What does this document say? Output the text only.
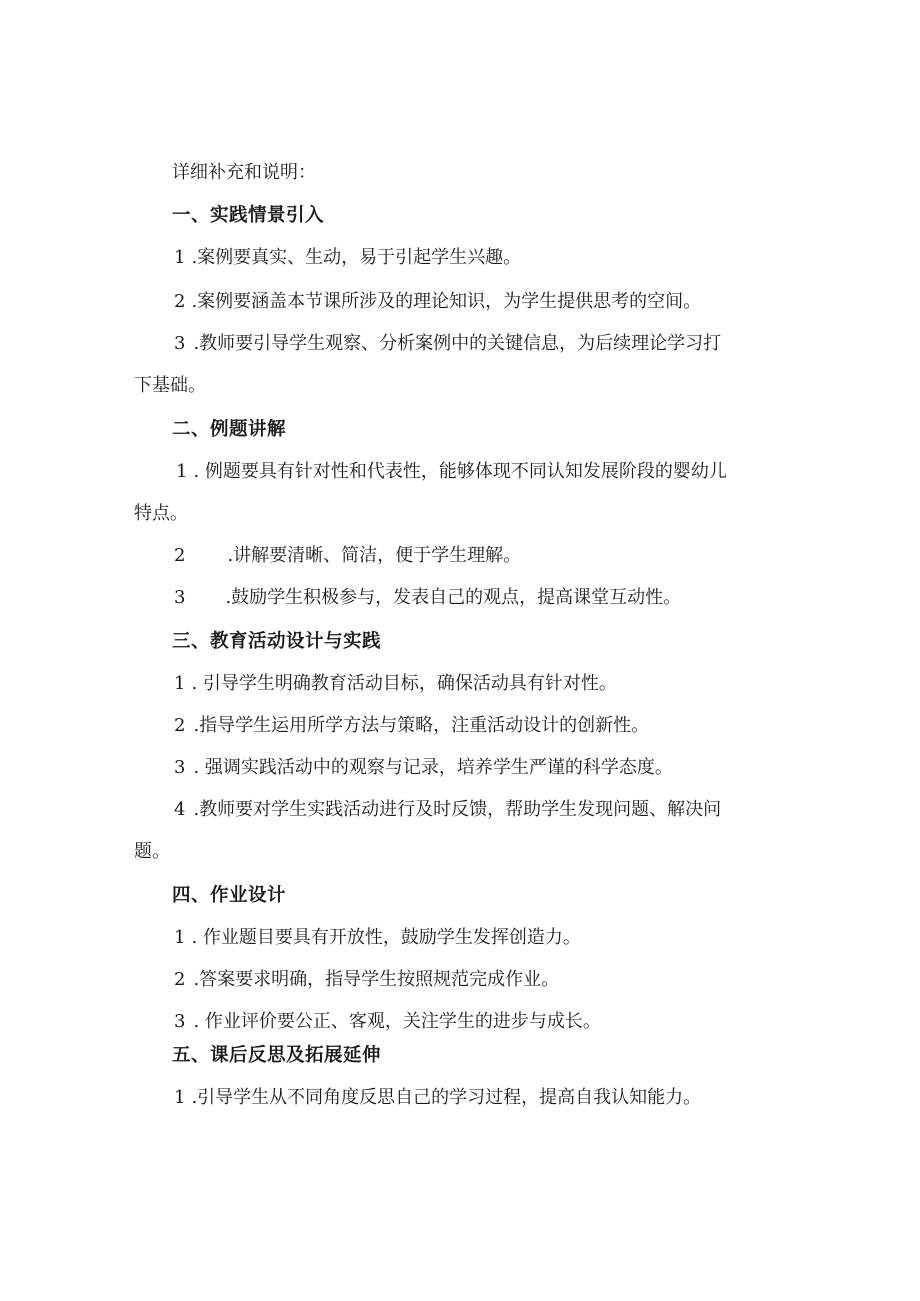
详细补充和说明：
一、实践情景引入
1 .案例要真实、生动，易于引起学生兴趣。
2 .案例要涵盖本节课所涉及的理论知识，为学生提供思考的空间。
3 .教师要引导学生观察、分析案例中的关键信息，为后续理论学习打
下基础。
二、例题讲解
1 . 例题要具有针对性和代表性，能够体现不同认知发展阶段的婴幼儿
特点。
2 .讲解要清晰、简洁，便于学生理解。
3 .鼓励学生积极参与，发表自己的观点，提高课堂互动性。
三、教育活动设计与实践
1 . 引导学生明确教育活动目标，确保活动具有针对性。
2 .指导学生运用所学方法与策略，注重活动设计的创新性。
3 . 强调实践活动中的观察与记录，培养学生严谨的科学态度。
4 .教师要对学生实践活动进行及时反馈，帮助学生发现问题、解决问
题。
四、作业设计
1 . 作业题目要具有开放性，鼓励学生发挥创造力。
2 .答案要求明确，指导学生按照规范完成作业。
3 . 作业评价要公正、客观，关注学生的进步与成长。
五、课后反思及拓展延伸
1 .引导学生从不同角度反思自己的学习过程，提高自我认知能力。
